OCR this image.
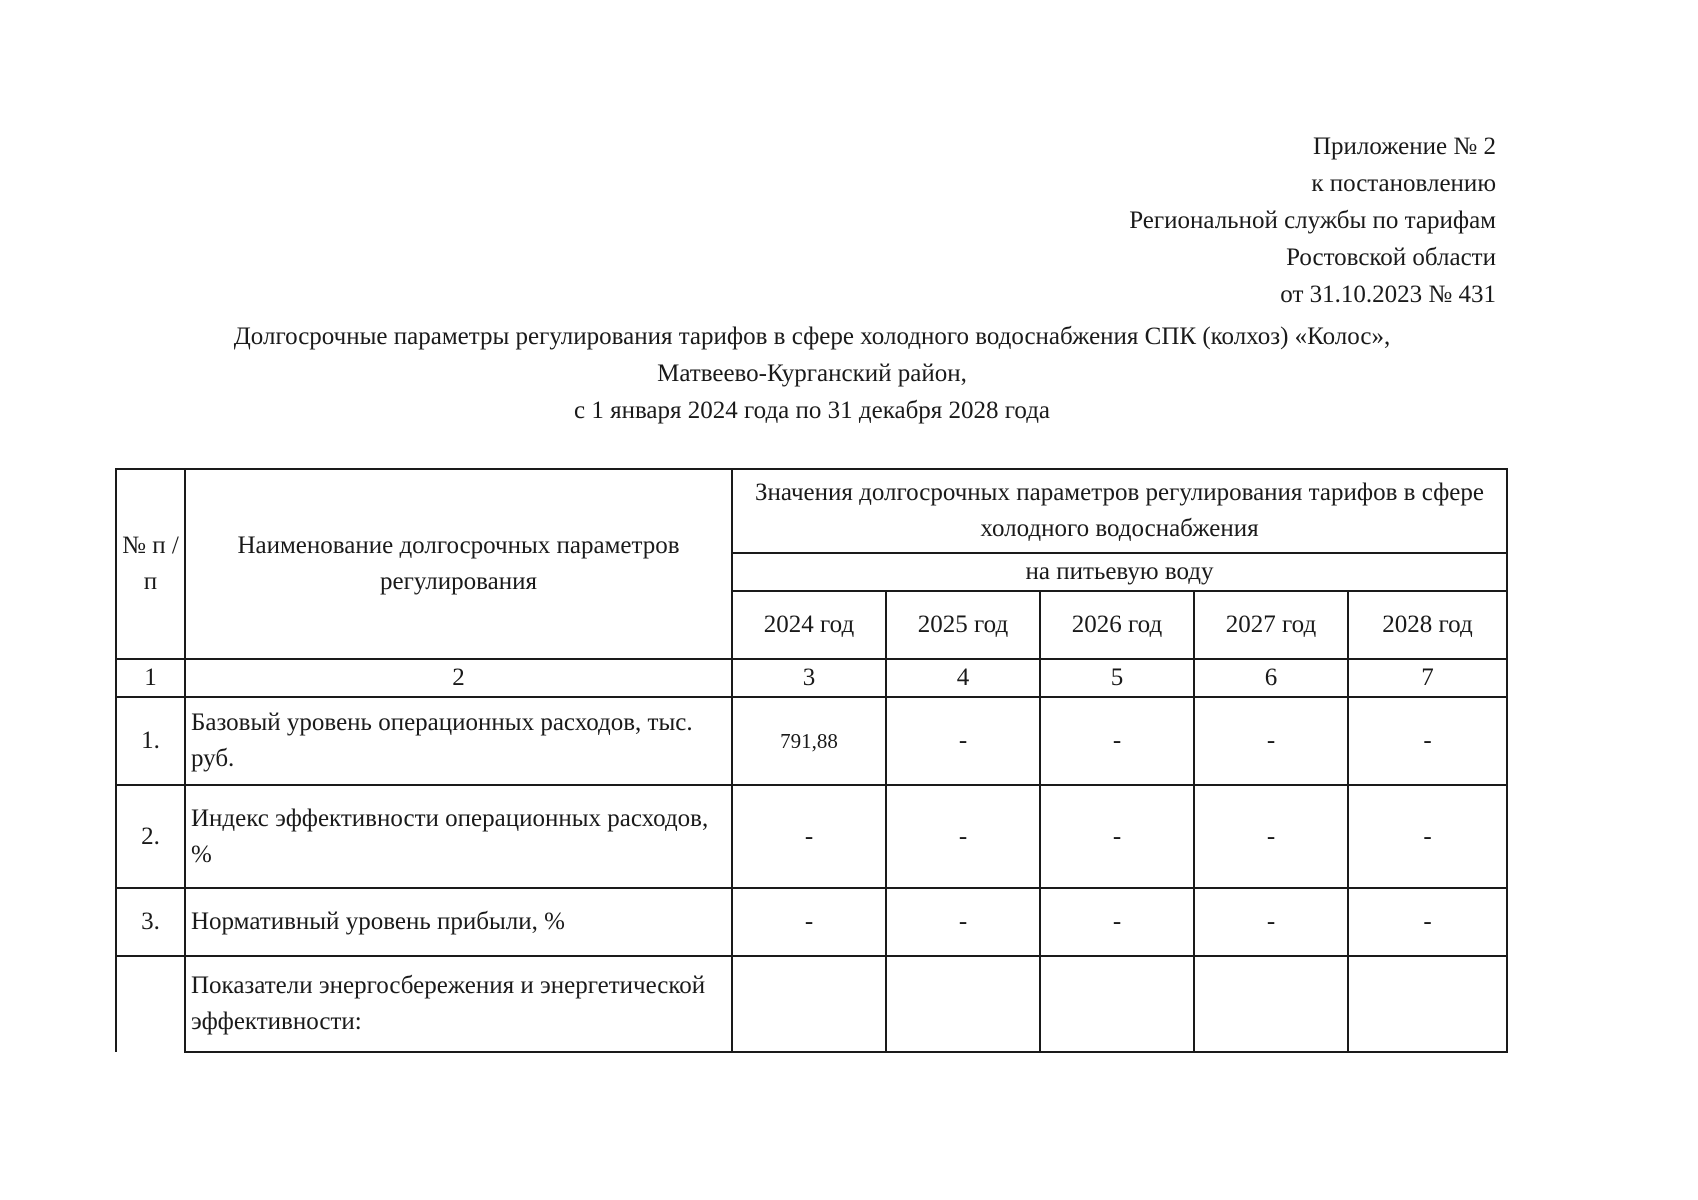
Приложение № 2
к постановлению
Региональной службы по тарифам
Ростовской области
от 31.10.2023 № 431
Долгосрочные параметры регулирования тарифов в сфере холодного водоснабжения СПК (колхоз) «Колос»,
Матвеево-Курганский район,
с 1 января 2024 года по 31 декабря 2028 года
№ п /п	Наименование долгосрочных параметров регулирования	Значения долгосрочных параметров регулирования тарифов в сфере холодного водоснабжения				
		на питьевую воду				
		2024 год	2025 год	2026 год	2027 год	2028 год
1	2	3	4	5	6	7
1.	Базовый уровень операционных расходов, тыс. руб.	791,88	-	-	-	-
2.	Индекс эффективности операционных расходов, %	-	-	-	-	-
3.	Нормативный уровень прибыли, %	-	-	-	-	-
	Показатели энергосбережения и энергетической эффективности:					
